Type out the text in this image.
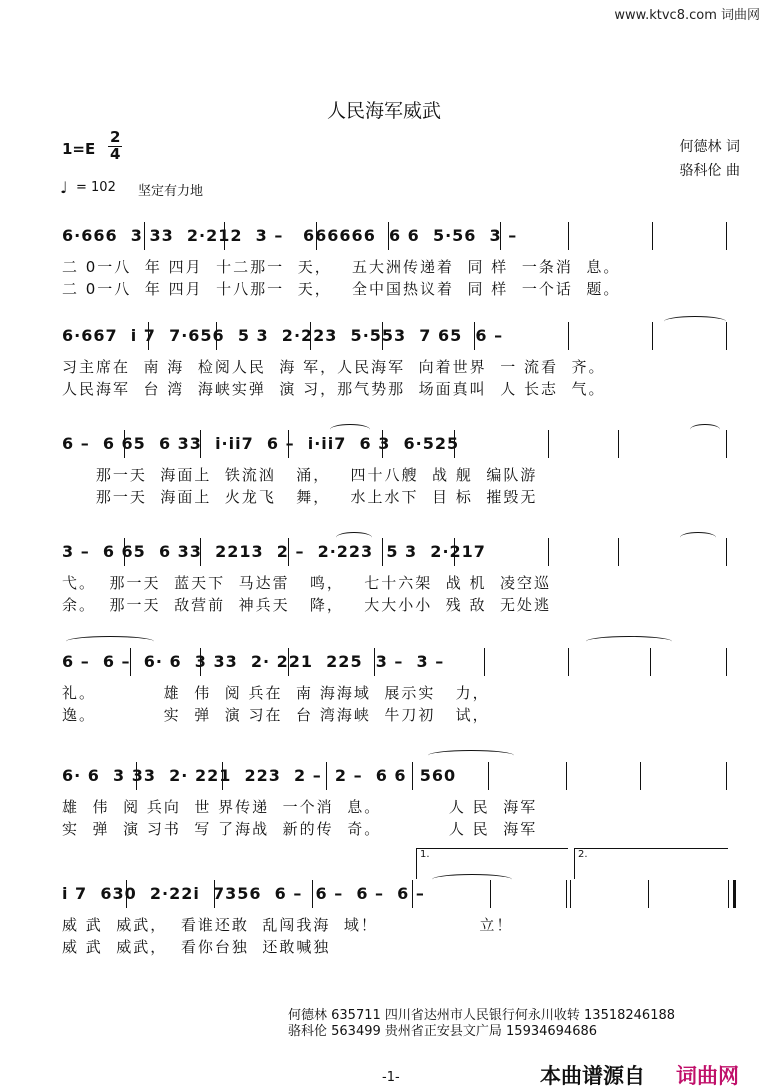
www.ktvc8.com 词曲网
人民海军威武
1=E
2
4	何德林 词
骆科伦 曲
♩ = 102 坚定有力地
6·666  3 33  2·212  3 –   666666  6 6  5·56  3 –
二 0一八  年 四月  十二那一  天，   五大洲传递着  同 样  一条消  息。
二 0一八  年 四月  十八那一  天，   全中国热议着  同 样  一个话  题。
6·667  i 7  7·656  5 3  2·223  5·553  7 65  6 –
习主席在  南 海  检阅人民  海 军，人民海军  向着世界  一 流看  齐。
人民海军  台 湾  海峡实弹  演 习，那气势那  场面真叫  人 长志  气。
6 –  6 65  6 33  i·ii7  6 –  i·ii7  6 3  6·525
那一天  海面上  铁流汹   涌，   四十八艘  战 舰  编队游
那一天  海面上  火龙飞   舞，   水上水下  目 标  摧毁无
3 –  6 65  6 33  2213  2 –  2·223  5 3  2·217
弋。  那一天  蓝天下  马达雷   鸣，   七十六架  战 机  凌空巡
余。  那一天  敌营前  神兵天   降，   大大小小  残 敌  无处逃
6 –  6 –  6· 6  3 33  2· 221  225  3 –  3 –
礼。          雄  伟  阅 兵在  南 海海域  展示实   力，
逸。          实  弹  演 习在  台 湾海峡  牛刀初   试，
6· 6  3 33  2· 221  223  2 –  2 –  6 6  560
雄  伟  阅 兵向  世 界传递  一个消  息。          人 民  海军
实  弹  演 习书  写 了海战  新的传  奇。          人 民  海军
1.	2.
i 7  630  2·22i  7356  6 –  6 –  6 –  6 –
威 武  威武，  看谁还敢  乱闯我海  域！               立！
威 武  威武，  看你台独  还敢喊独
何德林 635711 四川省达州市人民银行何永川收转 13518246188
骆科伦 563499 贵州省正安县文广局 15934694686
-1-	本曲谱源自 词曲网
